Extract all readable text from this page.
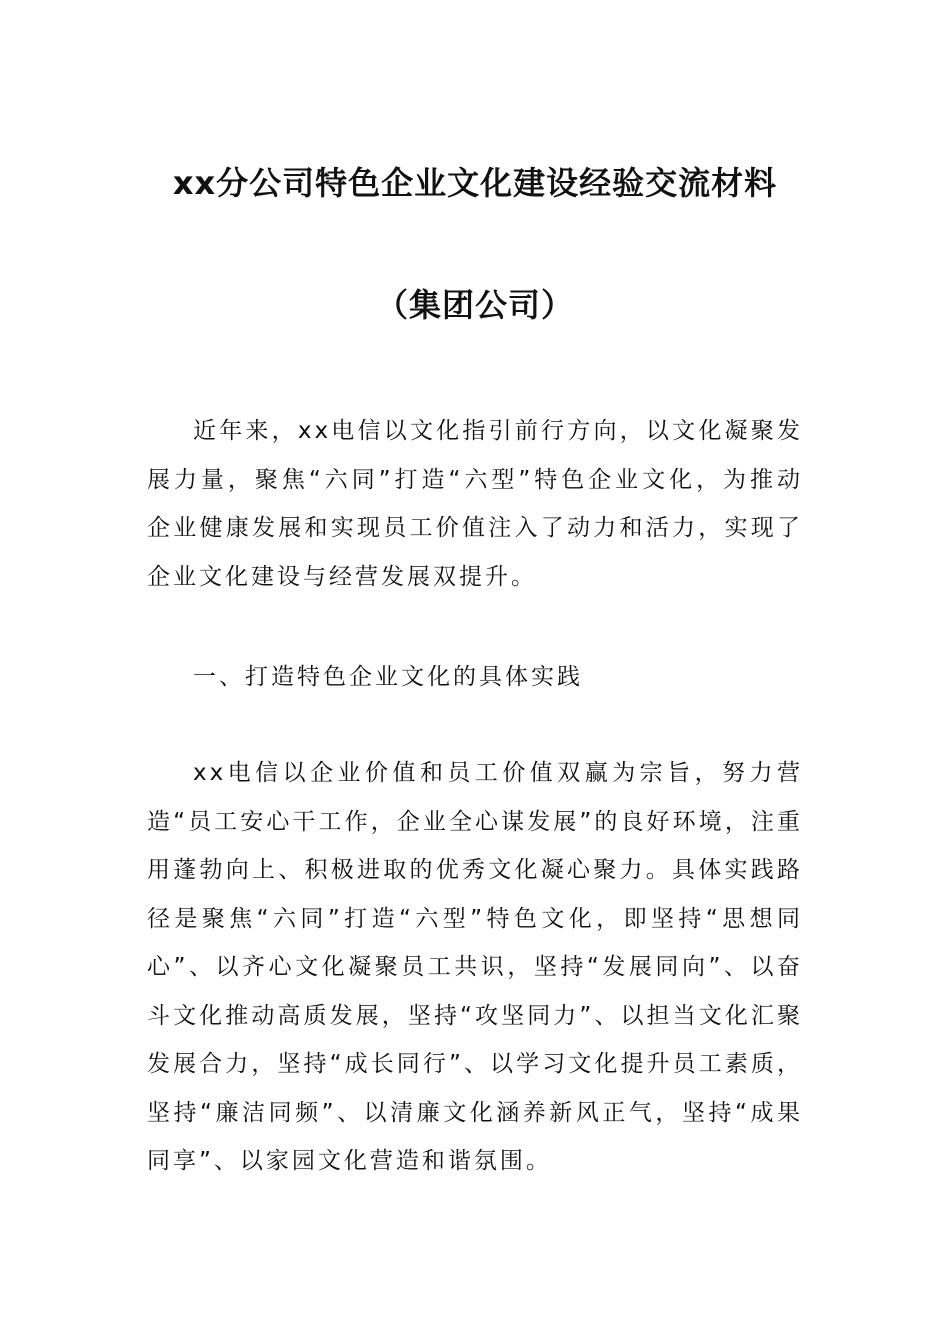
xx分公司特色企业文化建设经验交流材料
（集团公司）

近年来，xx电信以文化指引前行方向，以文化凝聚发展力量，聚焦“六同”打造“六型”特色企业文化，为推动企业健康发展和实现员工价值注入了动力和活力，实现了企业文化建设与经营发展双提升。

一、打造特色企业文化的具体实践

xx电信以企业价值和员工价值双赢为宗旨，努力营造“员工安心干工作，企业全心谋发展”的良好环境，注重用蓬勃向上、积极进取的优秀文化凝心聚力。具体实践路径是聚焦“六同”打造“六型”特色文化，即坚持“思想同心”、以齐心文化凝聚员工共识，坚持“发展同向”、以奋斗文化推动高质发展，坚持“攻坚同力”、以担当文化汇聚发展合力，坚持“成长同行”、以学习文化提升员工素质，坚持“廉洁同频”、以清廉文化涵养新风正气，坚持“成果同享”、以家园文化营造和谐氛围。
